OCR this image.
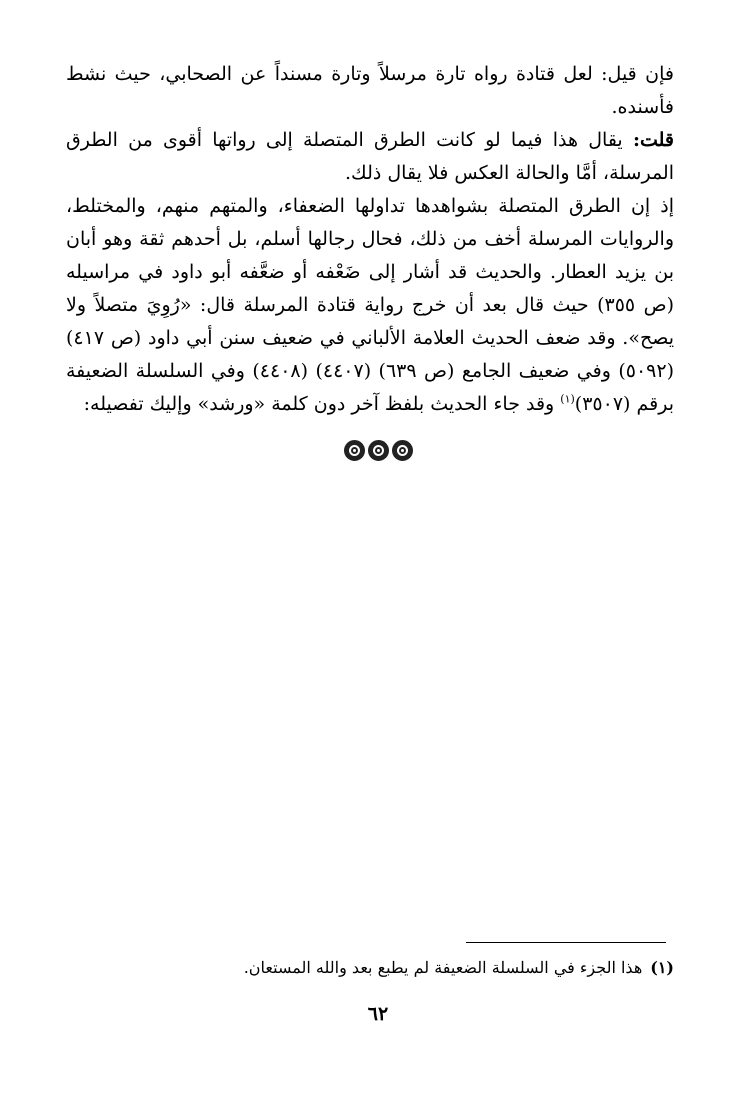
فإن قيل: لعل قتادة رواه تارة مرسلاً وتارة مسنداً عن الصحابي، حيث نشط فأسنده.

قلت: يقال هذا فيما لو كانت الطرق المتصلة إلى رواتها أقوى من الطرق المرسلة، أمَّا والحالة العكس فلا يقال ذلك.

إذ إن الطرق المتصلة بشواهدها تداولها الضعفاء، والمتهم منهم، والمختلط، والروايات المرسلة أخف من ذلك، فحال رجالها أسلم، بل أحدهم ثقة وهو أبان بن يزيد العطار. والحديث قد أشار إلى ضَعْفه أو ضعَّفه أبو داود في مراسيله (ص ٣٥٥) حيث قال بعد أن خرج رواية قتادة المرسلة قال: «رُوِيَ متصلاً ولا يصح». وقد ضعف الحديث العلامة الألباني في ضعيف سنن أبي داود (ص ٤١٧) (٥٠٩٢) وفي ضعيف الجامع (ص ٦٣٩) (٤٤٠٧) (٤٤٠٨) وفي السلسلة الضعيفة برقم (٣٥٠٧)$^{(١)}$ وقد جاء الحديث بلفظ آخر دون كلمة «ورشد» وإليك تفصيله:

(١)هذا الجزء في السلسلة الضعيفة لم يطبع بعد والله المستعان.
٦٢
